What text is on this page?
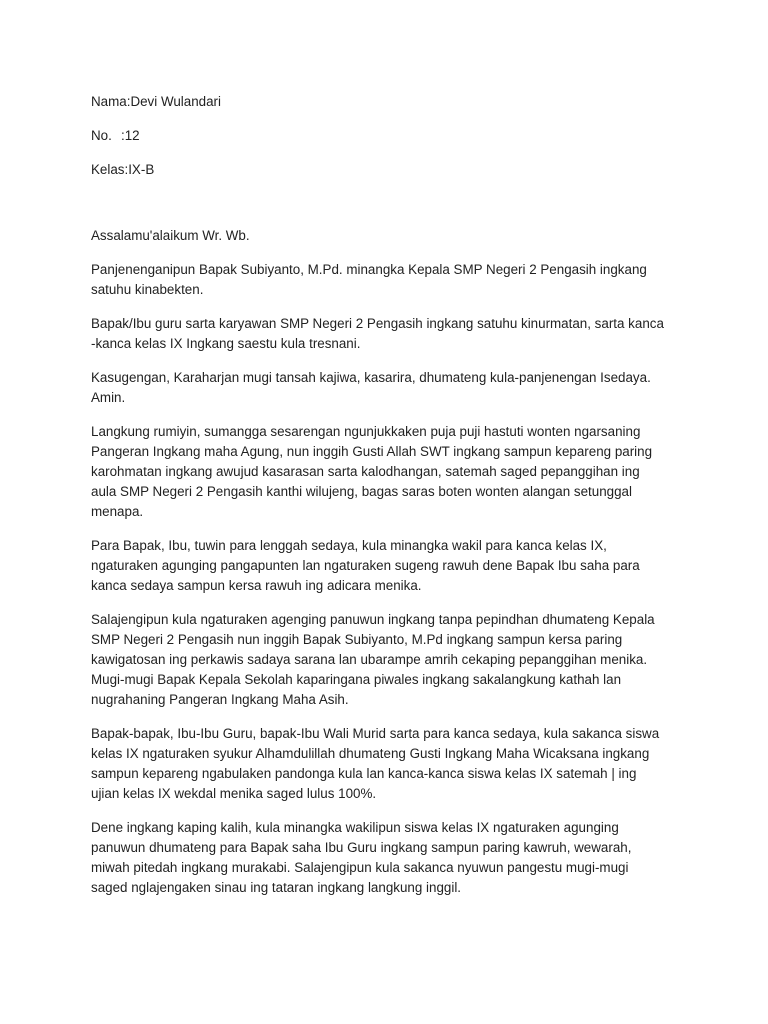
Nama:Devi Wulandari

No. :12

Kelas:IX-B

Assalamu'alaikum Wr. Wb.

Panjenenganipun Bapak Subiyanto, M.Pd. minangka Kepala SMP Negeri 2 Pengasih ingkang

satuhu kinabekten.

Bapak/Ibu guru sarta karyawan SMP Negeri 2 Pengasih ingkang satuhu kinurmatan, sarta kanca

-kanca kelas IX Ingkang saestu kula tresnani.

Kasugengan, Karaharjan mugi tansah kajiwa, kasarira, dhumateng kula-panjenengan Isedaya.

Amin.

Langkung rumiyin, sumangga sesarengan ngunjukkaken puja puji hastuti wonten ngarsaning

Pangeran Ingkang maha Agung, nun inggih Gusti Allah SWT ingkang sampun kepareng paring

karohmatan ingkang awujud kasarasan sarta kalodhangan, satemah saged pepanggihan ing

aula SMP Negeri 2 Pengasih kanthi wilujeng, bagas saras boten wonten alangan setunggal

menapa.

Para Bapak, Ibu, tuwin para lenggah sedaya, kula minangka wakil para kanca kelas IX,

ngaturaken agunging pangapunten lan ngaturaken sugeng rawuh dene Bapak Ibu saha para

kanca sedaya sampun kersa rawuh ing adicara menika.

Salajengipun kula ngaturaken agenging panuwun ingkang tanpa pepindhan dhumateng Kepala

SMP Negeri 2 Pengasih nun inggih Bapak Subiyanto, M.Pd ingkang sampun kersa paring

kawigatosan ing perkawis sadaya sarana lan ubarampe amrih cekaping pepanggihan menika.

Mugi-mugi Bapak Kepala Sekolah kaparingana piwales ingkang sakalangkung kathah lan

nugrahaning Pangeran Ingkang Maha Asih.

Bapak-bapak, Ibu-Ibu Guru, bapak-Ibu Wali Murid sarta para kanca sedaya, kula sakanca siswa

kelas IX ngaturaken syukur Alhamdulillah dhumateng Gusti Ingkang Maha Wicaksana ingkang

sampun kepareng ngabulaken pandonga kula lan kanca-kanca siswa kelas IX satemah | ing

ujian kelas IX wekdal menika saged lulus 100%.

Dene ingkang kaping kalih, kula minangka wakilipun siswa kelas IX ngaturaken agunging

panuwun dhumateng para Bapak saha Ibu Guru ingkang sampun paring kawruh, wewarah,

miwah pitedah ingkang murakabi. Salajengipun kula sakanca nyuwun pangestu mugi-mugi

saged nglajengaken sinau ing tataran ingkang langkung inggil.
